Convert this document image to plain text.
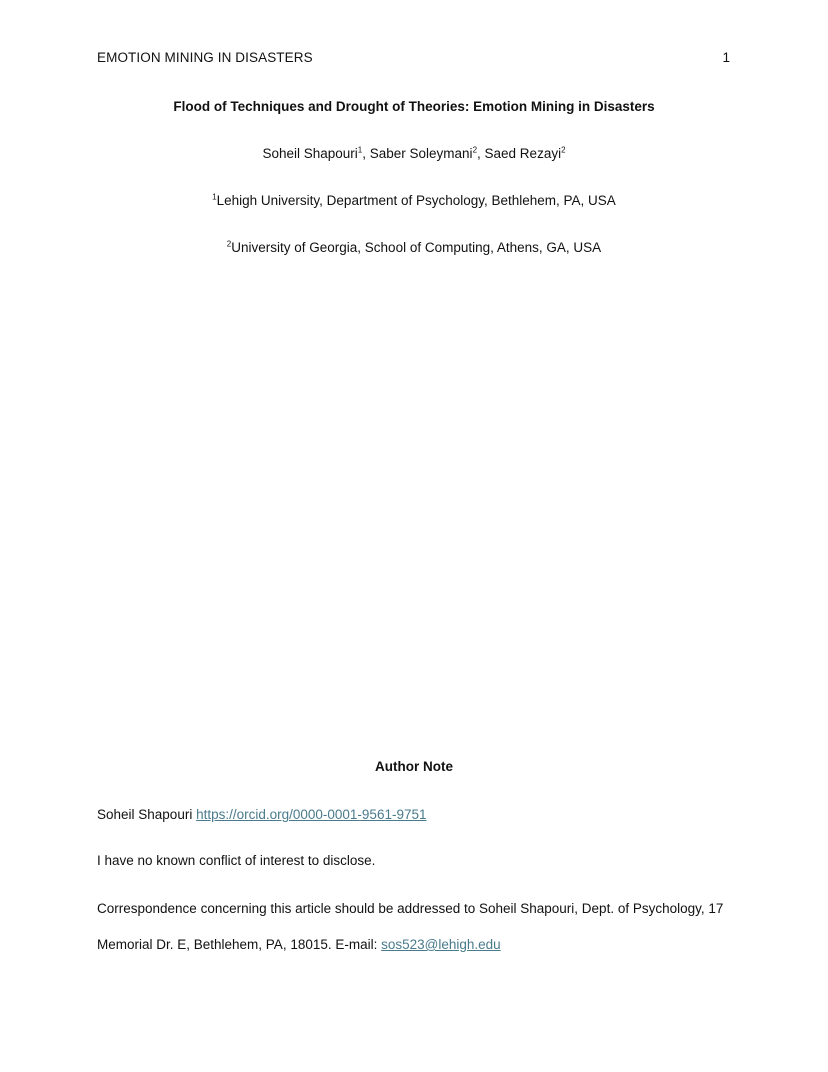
EMOTION MINING IN DISASTERS	1
Flood of Techniques and Drought of Theories: Emotion Mining in Disasters
Soheil Shapouri$^1$, Saber Soleymani$^2$, Saed Rezayi$^2$
$^1$Lehigh University, Department of Psychology, Bethlehem, PA, USA
$^2$University of Georgia, School of Computing, Athens, GA, USA
Author Note
Soheil Shapouri https://orcid.org/0000-0001-9561-9751
I have no known conflict of interest to disclose.
Correspondence concerning this article should be addressed to Soheil Shapouri, Dept. of Psychology, 17
Memorial Dr. E, Bethlehem, PA, 18015. E-mail: sos523@lehigh.edu
